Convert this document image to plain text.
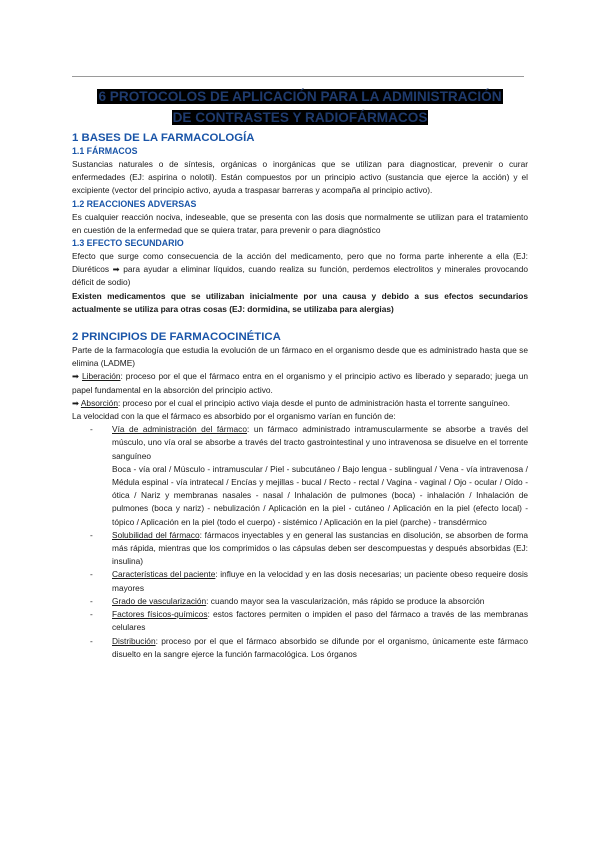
6 PROTOCOLOS DE APLICACIÓN PARA LA ADMINISTRACIÓN
DE CONTRASTES Y RADIOFÁRMACOS
1 BASES DE LA FARMACOLOGÍA
1.1 FÁRMACOS

Sustancias naturales o de síntesis, orgánicas o inorgánicas que se utilizan para diagnosticar, prevenir o curar enfermedades (EJ: aspirina o nolotil). Están compuestos por un principio activo (sustancia que ejerce la acción) y el excipiente (vector del principio activo, ayuda a traspasar barreras y acompaña al principio activo).

1.2 REACCIONES ADVERSAS

Es cualquier reacción nociva, indeseable, que se presenta con las dosis que normalmente se utilizan para el tratamiento en cuestión de la enfermedad que se quiera tratar, para prevenir o para diagnóstico

1.3 EFECTO SECUNDARIO

Efecto que surge como consecuencia de la acción del medicamento, pero que no forma parte inherente a ella (EJ: Diuréticos ➡ para ayudar a eliminar líquidos, cuando realiza su función, perdemos electrolitos y minerales provocando déficit de sodio)

Existen medicamentos que se utilizaban inicialmente por una causa y debido a sus efectos secundarios actualmente se utiliza para otras cosas (EJ: dormidina, se utilizaba para alergias)

2 PRINCIPIOS DE FARMACOCINÉTICA

Parte de la farmacología que estudia la evolución de un fármaco en el organismo desde que es administrado hasta que se elimina (LADME)

➡ Liberación: proceso por el que el fármaco entra en el organismo y el principio activo es liberado y separado; juega un papel fundamental en la absorción del principio activo.

➡ Absorción: proceso por el cual el principio activo viaja desde el punto de administración hasta el torrente sanguíneo.

La velocidad con la que el fármaco es absorbido por el organismo varían en función de:

- Vía de administración del fármaco: un fármaco administrado intramuscularmente se absorbe a través del músculo, uno vía oral se absorbe a través del tracto gastrointestinal y uno intravenosa se disuelve en el torrente sanguíneo
Boca - vía oral / Músculo - intramuscular / Piel - subcutáneo / Bajo lengua - sublingual / Vena - vía intravenosa / Médula espinal - vía intratecal / Encías y mejillas - bucal / Recto - rectal / Vagina - vaginal / Ojo - ocular / Oído - ótica / Nariz y membranas nasales - nasal / Inhalación de pulmones (boca) - inhalación / Inhalación de pulmones (boca y nariz) - nebulización / Aplicación en la piel - cutáneo / Aplicación en la piel (efecto local) - tópico / Aplicación en la piel (todo el cuerpo) - sistémico / Aplicación en la piel (parche) - transdérmico
- Solubilidad del fármaco: fármacos inyectables y en general las sustancias en disolución, se absorben de forma más rápida, mientras que los comprimidos o las cápsulas deben ser descompuestas y después absorbidas (EJ: insulina)
- Características del paciente: influye en la velocidad y en las dosis necesarias; un paciente obeso requeire dosis mayores
- Grado de vascularización: cuando mayor sea la vascularización, más rápido se produce la absorción
- Factores físicos-químicos: estos factores permiten o impiden el paso del fármaco a través de las membranas celulares
- Distribución: proceso por el que el fármaco absorbido se difunde por el organismo, únicamente este fármaco disuelto en la sangre ejerce la función farmacológica. Los órganos
